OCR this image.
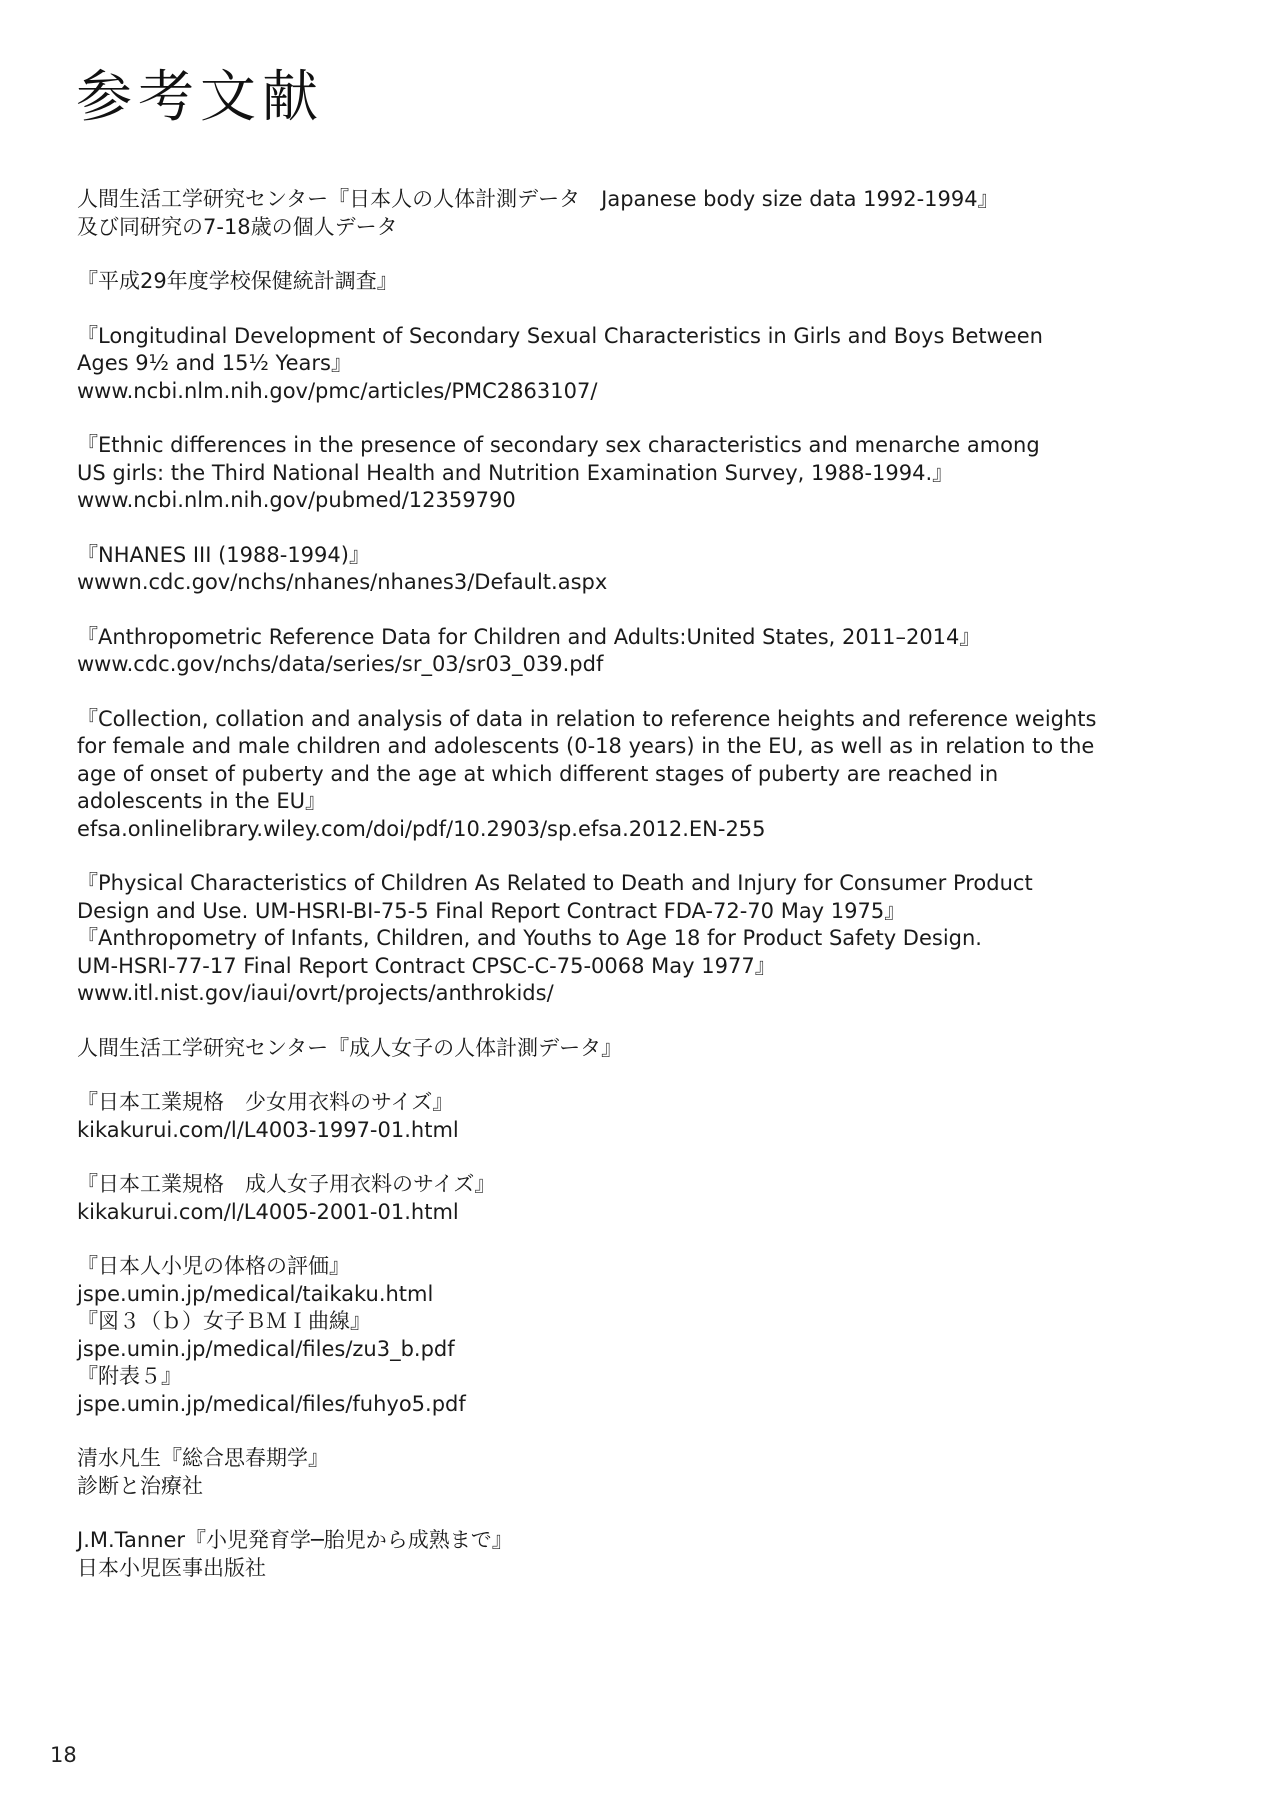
参考文献
人間生活工学研究センター『日本人の人体計測データ　Japanese body size data 1992-1994』
及び同研究の7-18歳の個人データ
『平成29年度学校保健統計調査』
『Longitudinal Development of Secondary Sexual Characteristics in Girls and Boys Between
Ages 9½ and 15½ Years』
www.ncbi.nlm.nih.gov/pmc/articles/PMC2863107/
『Ethnic differences in the presence of secondary sex characteristics and menarche among
US girls: the Third National Health and Nutrition Examination Survey, 1988-1994.』
www.ncbi.nlm.nih.gov/pubmed/12359790
『NHANES III (1988-1994)』
wwwn.cdc.gov/nchs/nhanes/nhanes3/Default.aspx
『Anthropometric Reference Data for Children and Adults:United States, 2011–2014』
www.cdc.gov/nchs/data/series/sr_03/sr03_039.pdf
『Collection, collation and analysis of data in relation to reference heights and reference weights
for female and male children and adolescents (0-18 years) in the EU, as well as in relation to the
age of onset of puberty and the age at which different stages of puberty are reached in
adolescents in the EU』
efsa.onlinelibrary.wiley.com/doi/pdf/10.2903/sp.efsa.2012.EN-255
『Physical Characteristics of Children As Related to Death and Injury for Consumer Product
Design and Use. UM-HSRI-BI-75-5 Final Report Contract FDA-72-70 May 1975』
『Anthropometry of Infants, Children, and Youths to Age 18 for Product Safety Design.
UM-HSRI-77-17 Final Report Contract CPSC-C-75-0068 May 1977』
www.itl.nist.gov/iaui/ovrt/projects/anthrokids/
人間生活工学研究センター『成人女子の人体計測データ』
『日本工業規格　少女用衣料のサイズ』
kikakurui.com/l/L4003-1997-01.html
『日本工業規格　成人女子用衣料のサイズ』
kikakurui.com/l/L4005-2001-01.html
『日本人小児の体格の評価』
jspe.umin.jp/medical/taikaku.html
『図３（ｂ）女子ＢＭＩ曲線』
jspe.umin.jp/medical/files/zu3_b.pdf
『附表５』
jspe.umin.jp/medical/files/fuhyo5.pdf
清水凡生『総合思春期学』
診断と治療社
J.M.Tanner『小児発育学─胎児から成熟まで』
日本小児医事出版社
18
